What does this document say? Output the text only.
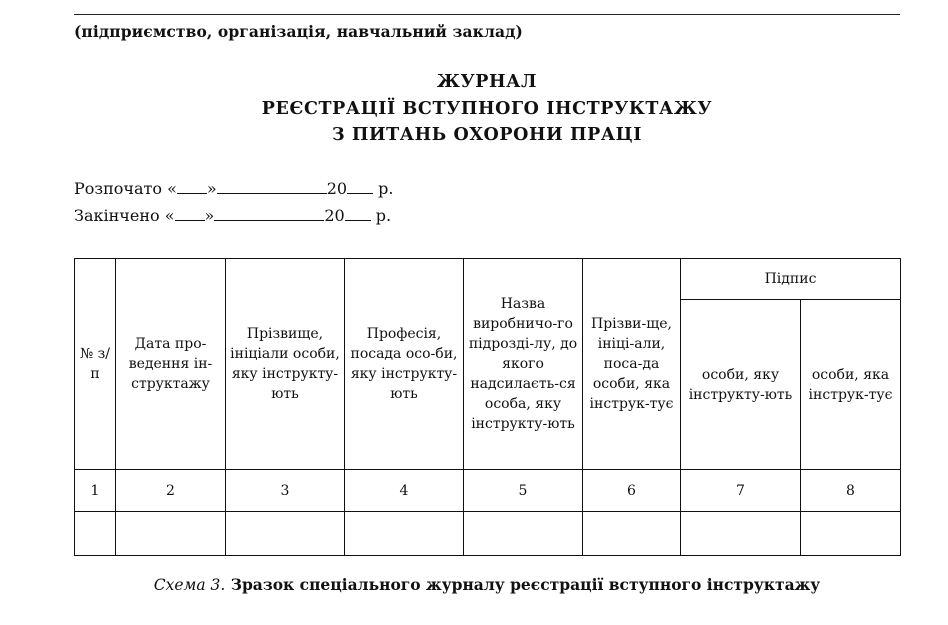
(підприємство, організація, навчальний заклад)
ЖУРНАЛ
РЕЄСТРАЦІЇ ВСТУПНОГО ІНСТРУКТАЖУ
З ПИТАНЬ ОХОРОНИ ПРАЦІ
Розпочато « »	20 р.
Закінчено « »	20 р.
№ з/п	Дата про-ведення ін-структажу	Прізвище, ініціали особи, яку інструкту-ють	Професія, посада осо-би, яку інструкту-ють	Назва виробничо-го підрозді-лу, до якого надсилаєть-ся особа, яку інструкту-ють	Прізви-ще, ініці-али, поса-да особи, яка інструк-тує	Підпис	
						особи, яку інструкту-ють	особи, яка інструк-тує
1	2	3	4	5	6	7	8

Схема 3. Зразок спеціального журналу реєстрації вступного інструктажу
